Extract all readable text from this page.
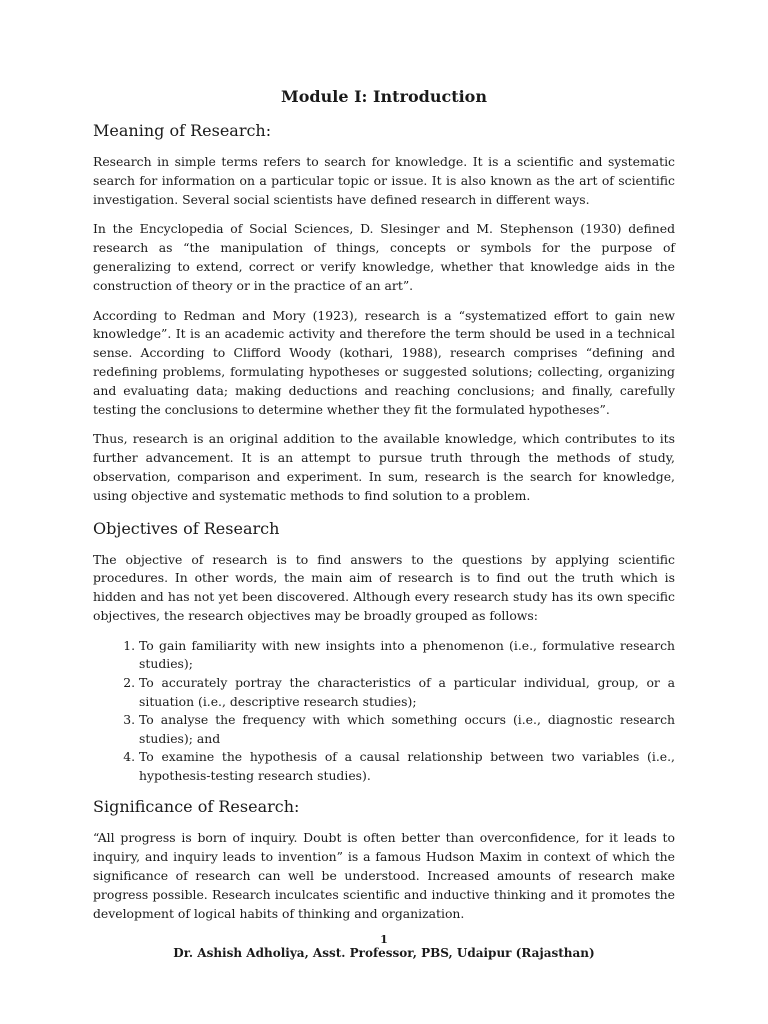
Module I: Introduction
Meaning of Research:

Research in simple terms refers to search for knowledge. It is a scientific and systematic search for information on a particular topic or issue. It is also known as the art of scientific investigation. Several social scientists have defined research in different ways.

In the Encyclopedia of Social Sciences, D. Slesinger and M. Stephenson (1930) defined research as “the manipulation of things, concepts or symbols for the purpose of generalizing to extend, correct or verify knowledge, whether that knowledge aids in the construction of theory or in the practice of an art”.

According to Redman and Mory (1923), research is a “systematized effort to gain new knowledge”. It is an academic activity and therefore the term should be used in a technical sense. According to Clifford Woody (kothari, 1988), research comprises “defining and redefining problems, formulating hypotheses or suggested solutions; collecting, organizing and evaluating data; making deductions and reaching conclusions; and finally, carefully testing the conclusions to determine whether they fit the formulated hypotheses”.

Thus, research is an original addition to the available knowledge, which contributes to its further advancement. It is an attempt to pursue truth through the methods of study, observation, comparison and experiment. In sum, research is the search for knowledge, using objective and systematic methods to find solution to a problem.

Objectives of Research

The objective of research is to find answers to the questions by applying scientific procedures. In other words, the main aim of research is to find out the truth which is hidden and has not yet been discovered. Although every research study has its own specific objectives, the research objectives may be broadly grouped as follows:

1. To gain familiarity with new insights into a phenomenon (i.e., formulative research studies);
2. To accurately portray the characteristics of a particular individual, group, or a situation (i.e., descriptive research studies);
3. To analyse the frequency with which something occurs (i.e., diagnostic research studies); and
4. To examine the hypothesis of a causal relationship between two variables (i.e., hypothesis-testing research studies).
Significance of Research:

“All progress is born of inquiry. Doubt is often better than overconfidence, for it leads to inquiry, and inquiry leads to invention” is a famous Hudson Maxim in context of which the significance of research can well be understood. Increased amounts of research make progress possible. Research inculcates scientific and inductive thinking and it promotes the development of logical habits of thinking and organization.

1
Dr. Ashish Adholiya, Asst. Professor, PBS, Udaipur (Rajasthan)
